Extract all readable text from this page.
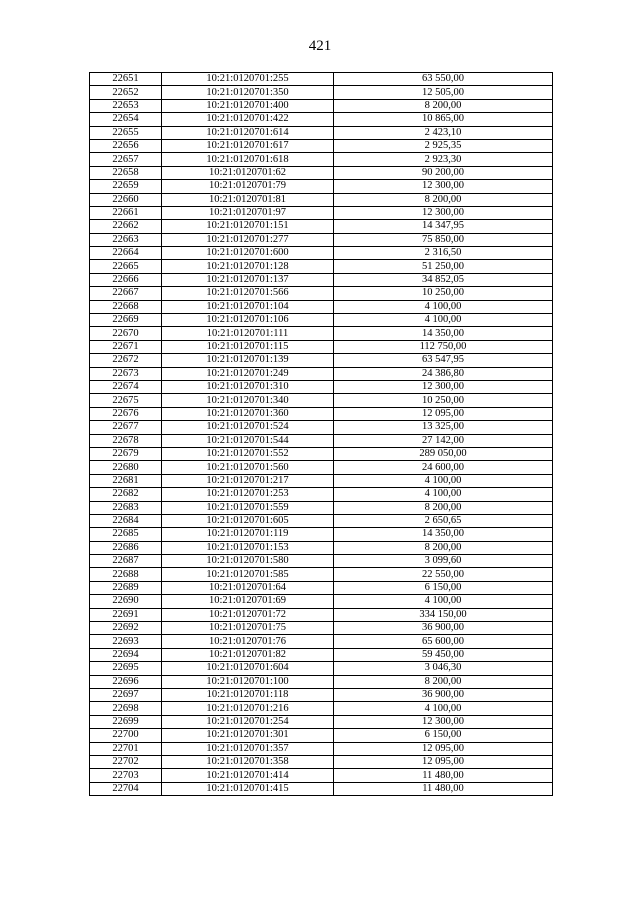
421
22651	10:21:0120701:255	63 550,00
22652	10:21:0120701:350	12 505,00
22653	10:21:0120701:400	8 200,00
22654	10:21:0120701:422	10 865,00
22655	10:21:0120701:614	2 423,10
22656	10:21:0120701:617	2 925,35
22657	10:21:0120701:618	2 923,30
22658	10:21:0120701:62	90 200,00
22659	10:21:0120701:79	12 300,00
22660	10:21:0120701:81	8 200,00
22661	10:21:0120701:97	12 300,00
22662	10:21:0120701:151	14 347,95
22663	10:21:0120701:277	75 850,00
22664	10:21:0120701:600	2 316,50
22665	10:21:0120701:128	51 250,00
22666	10:21:0120701:137	34 852,05
22667	10:21:0120701:566	10 250,00
22668	10:21:0120701:104	4 100,00
22669	10:21:0120701:106	4 100,00
22670	10:21:0120701:111	14 350,00
22671	10:21:0120701:115	112 750,00
22672	10:21:0120701:139	63 547,95
22673	10:21:0120701:249	24 386,80
22674	10:21:0120701:310	12 300,00
22675	10:21:0120701:340	10 250,00
22676	10:21:0120701:360	12 095,00
22677	10:21:0120701:524	13 325,00
22678	10:21:0120701:544	27 142,00
22679	10:21:0120701:552	289 050,00
22680	10:21:0120701:560	24 600,00
22681	10:21:0120701:217	4 100,00
22682	10:21:0120701:253	4 100,00
22683	10:21:0120701:559	8 200,00
22684	10:21:0120701:605	2 650,65
22685	10:21:0120701:119	14 350,00
22686	10:21:0120701:153	8 200,00
22687	10:21:0120701:580	3 099,60
22688	10:21:0120701:585	22 550,00
22689	10:21:0120701:64	6 150,00
22690	10:21:0120701:69	4 100,00
22691	10:21:0120701:72	334 150,00
22692	10:21:0120701:75	36 900,00
22693	10:21:0120701:76	65 600,00
22694	10:21:0120701:82	59 450,00
22695	10:21:0120701:604	3 046,30
22696	10:21:0120701:100	8 200,00
22697	10:21:0120701:118	36 900,00
22698	10:21:0120701:216	4 100,00
22699	10:21:0120701:254	12 300,00
22700	10:21:0120701:301	6 150,00
22701	10:21:0120701:357	12 095,00
22702	10:21:0120701:358	12 095,00
22703	10:21:0120701:414	11 480,00
22704	10:21:0120701:415	11 480,00
